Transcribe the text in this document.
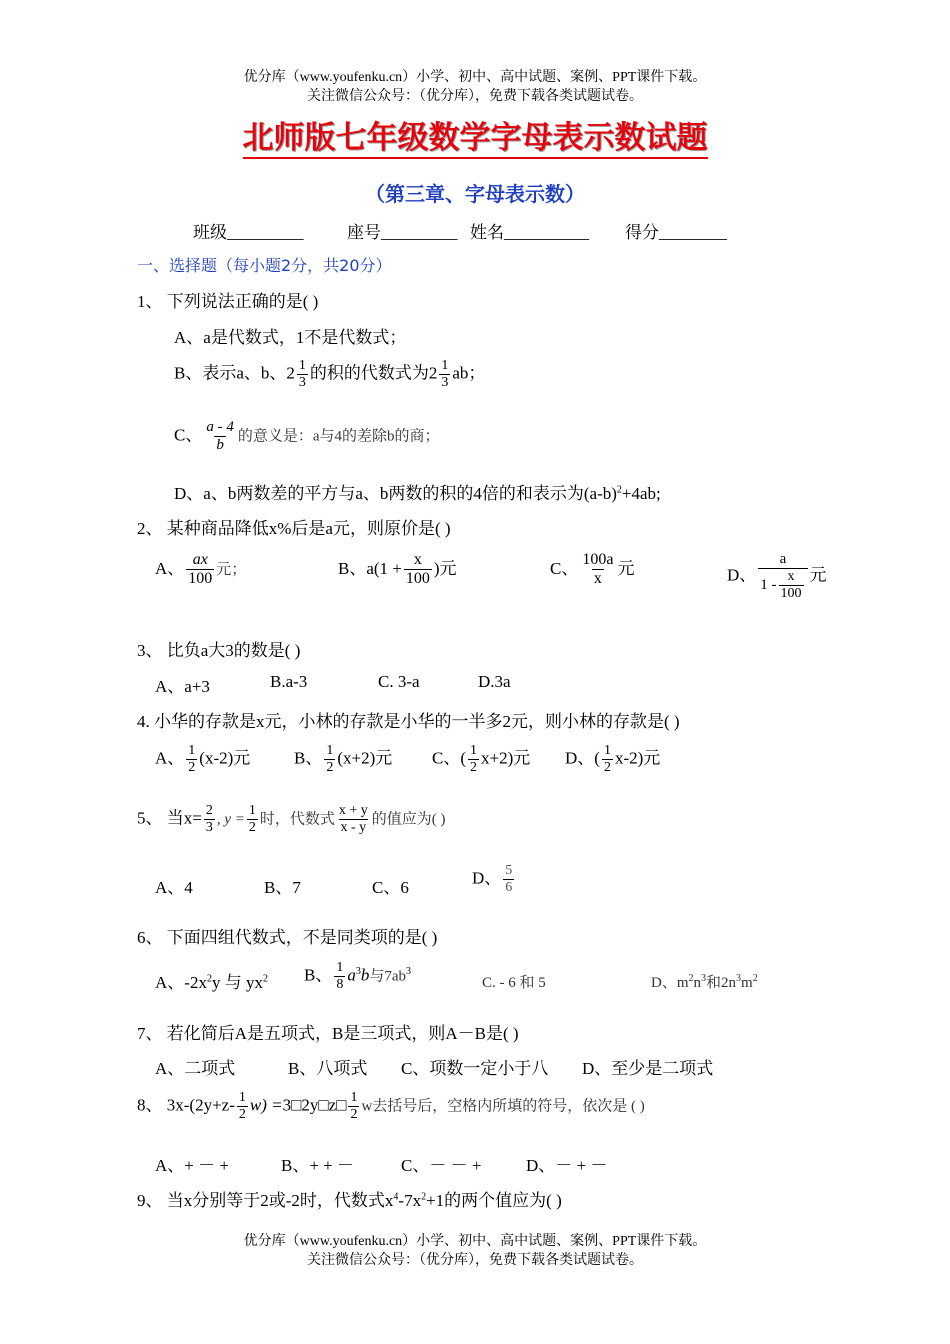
优分库（www.youfenku.cn）小学、初中、高中试题、案例、PPT课件下载。
关注微信公众号：（优分库），免费下载各类试题试卷。
北师版七年级数学字母表示数试题
（第三章、字母表示数）
班级_________	座号_________ 姓名__________ 得分________
一、选择题（每小题2分，共20分）
1、 下列说法正确的是( )
A、a是代数式，1不是代数式；
B、表示a、b、$2 \frac{1}{3}$ 的积的代数式为$2 \frac{1}{3}$ ab；
C、 $\frac{a - 4}{b}$ 的意义是：a与4的差除b的商；
D、a、b两数差的平方与a、b两数的积的4倍的和表示为$(a-b)^2+4ab$;
2、 某种商品降低x%后是a元，则原价是( )
A、 $\frac{ax}{100}$ 元；	B、$a(1 + \frac{x}{100}$ )元	C、 $\frac{100a}{x}$ 元	D、 $\frac{a}{1 - \frac{x}{100}}$ 元
3、 比负a大3的数是( )
A、a+3	B.a-3	C. 3-a	D.3a
4. 小华的存款是x元，小林的存款是小华的一半多2元，则小林的存款是( )
A、 $\frac{1}{2} (x-2)$元	B、 $\frac{1}{2} (x+2)$元 C、( $\frac{1}{2} x+2$)元 D、( $\frac{1}{2} x-2$)元
5、 当$x= \frac{2}{3}$ , $y = \frac{1}{2}$ 时，代数式 $\frac{x + y}{x - y}$ 的值应为( )
A、4	B、7	C、6	D、 $\frac{5}{6}$
6、 下面四组代数式，不是同类项的是( )
A、$-2x^2y$ 与 $yx^2$ B、 $\frac{1}{8} a^3b$与$7ab^3$
C. - 6 和 5	D、$m^2n^3$和$2n^3m^2$
7、 若化简后A是五项式，B是三项式，则A－B是( )
A、二项式	B、八项式 C、项数一定小于八 D、至少是二项式
8、 $3x-(2y+z- \frac{1}{2} w)$ =3□2y□z□ $\frac{1}{2}$ w去括号后，空格内所填的符号，依次是 ( )
A、+ － +	B、+ + －	C、－ － +	D、－ + －
9、 当x分别等于2或-2时，代数式$x^4-7x^2+1$的两个值应为( )
优分库（www.youfenku.cn）小学、初中、高中试题、案例、PPT课件下载。
关注微信公众号：（优分库），免费下载各类试题试卷。
